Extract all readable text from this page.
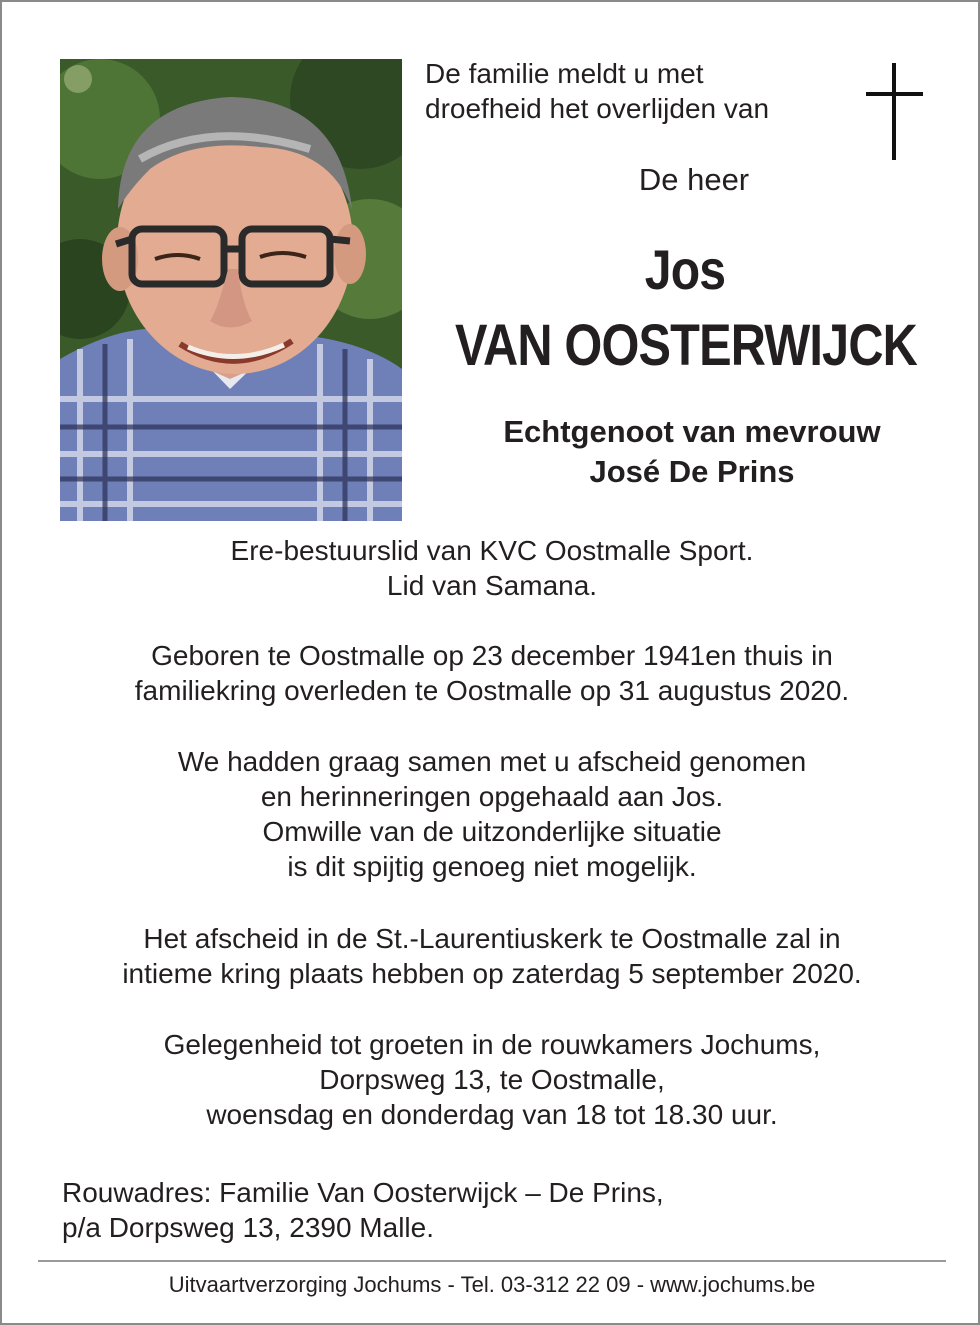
De familie meldt u met
droefheid het overlijden van
De heer
Jos
VAN OOSTERWIJCK
Echtgenoot van mevrouw
José De Prins
Ere-bestuurslid van KVC Oostmalle Sport.
Lid van Samana.
Geboren te Oostmalle op 23 december 1941en thuis in
familiekring overleden te Oostmalle op 31 augustus 2020.
We hadden graag samen met u afscheid genomen
en herinneringen opgehaald aan Jos.
Omwille van de uitzonderlijke situatie
is dit spijtig genoeg niet mogelijk.
Het afscheid in de St.-Laurentiuskerk te Oostmalle zal in
intieme kring plaats hebben op zaterdag 5 september 2020.
Gelegenheid tot groeten in de rouwkamers Jochums,
Dorpsweg 13, te Oostmalle,
woensdag en donderdag van 18 tot 18.30 uur.
Rouwadres: Familie Van Oosterwijck – De Prins,
p/a Dorpsweg 13, 2390 Malle.
Uitvaartverzorging Jochums - Tel. 03-312 22 09 - www.jochums.be
